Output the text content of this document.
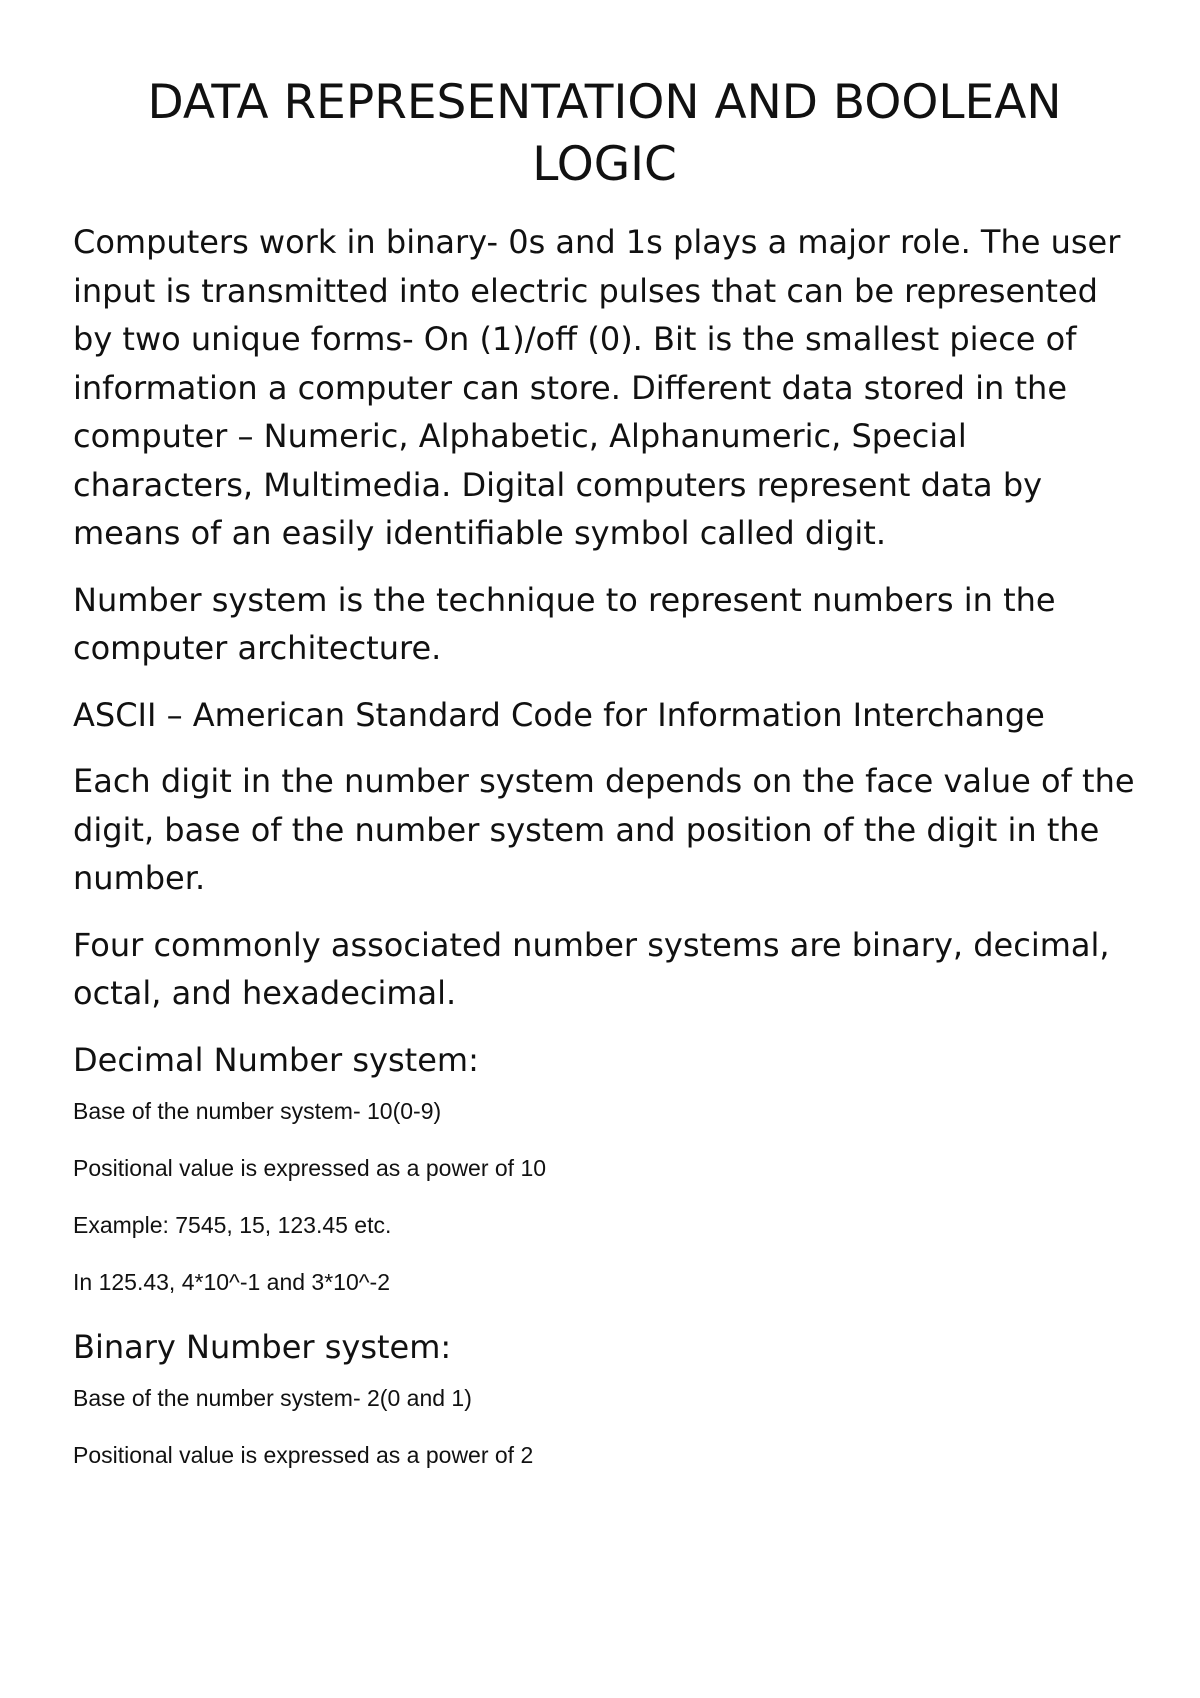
DATA REPRESENTATION AND BOOLEAN LOGIC

Computers work in binary- 0s and 1s plays a major role. The user input is transmitted into electric pulses that can be represented by two unique forms- On (1)/off (0). Bit is the smallest piece of information a computer can store. Different data stored in the computer – Numeric, Alphabetic, Alphanumeric, Special characters, Multimedia. Digital computers represent data by means of an easily identifiable symbol called digit.

Number system is the technique to represent numbers in the computer architecture.

ASCII – American Standard Code for Information Interchange

Each digit in the number system depends on the face value of the digit, base of the number system and position of the digit in the number.

Four commonly associated number systems are binary, decimal, octal, and hexadecimal.

Decimal Number system:

Base of the number system- 10(0-9)

Positional value is expressed as a power of 10

Example: 7545, 15, 123.45 etc.

In 125.43, 4*10^-1 and 3*10^-2

Binary Number system:

Base of the number system- 2(0 and 1)

Positional value is expressed as a power of 2
